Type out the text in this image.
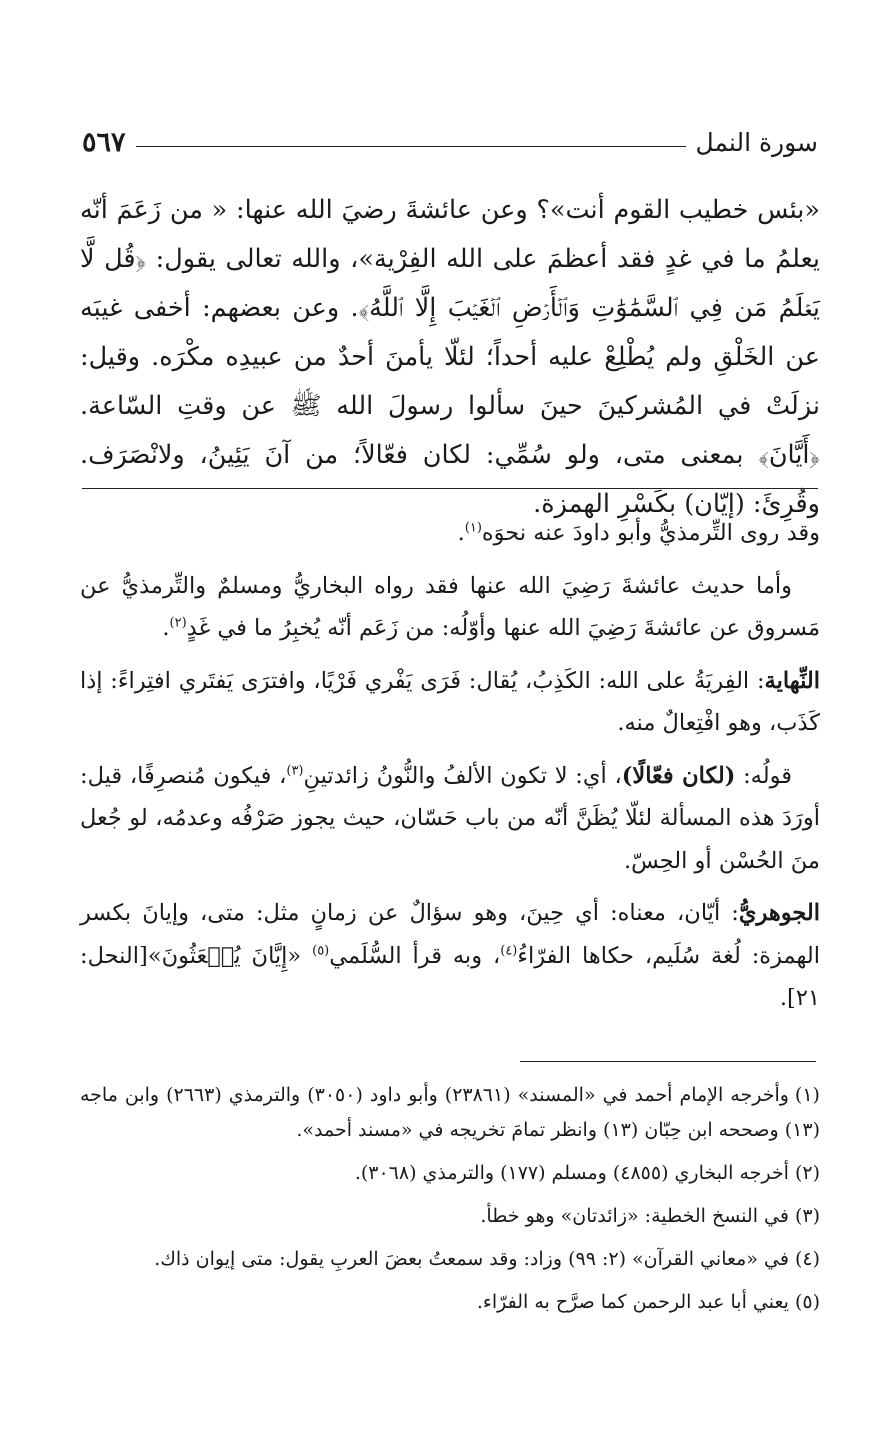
سورة النمل
٥٦٧
«بئس خطيب القوم أنت»؟ وعن عائشةَ رضيَ الله عنها: « من زَعَمَ أنّه يعلمُ ما في غدٍ فقد أعظمَ على الله الفِرْية»، والله تعالى يقول: ﴿قُل لَّا يَعۡلَمُ مَن فِي ٱلسَّمَٰوَٰتِ وَٱلۡأَرۡضِ ٱلۡغَيۡبَ إِلَّا ٱللَّهُ﴾. وعن بعضهم: أخفى غيبَه عن الخَلْقِ ولم يُطْلِعْ عليه أحداً؛ لئلّا يأمنَ أحدٌ من عبيدِه مكْرَه. وقيل: نزلَتْ في المُشركينَ حينَ سألوا رسولَ الله ﷺ عن وقتِ السّاعة. ﴿أَيَّانَ﴾ بمعنى متى، ولو سُمِّي: لكان فعّالاً؛ من آنَ يَئِينُ، ولانْصَرَف. وقُرِئَ: (إيّان) بكَسْرِ الهمزة.

وقد روى التِّرمذيُّ وأبو داودَ عنه نحوَه$^{(١)}$.

وأما حديث عائشةَ رَضِيَ الله عنها فقد رواه البخاريُّ ومسلمٌ والتِّرمذيُّ عن مَسروق عن عائشةَ رَضِيَ الله عنها وأوّلُه: من زَعَم أنّه يُخبِرُ ما في غَدٍ$^{(٢)}$.

النِّهاية: الفِريَةُ على الله: الكَذِبُ، يُقال: فَرَى يَفْري فَرْيًا، وافترَى يَفتَري افتِراءً: إذا كَذَب، وهو افْتِعالٌ منه.

قولُه: (لكان فعّالًا)، أي: لا تكون الألفُ والنُّونُ زائدتينِ$^{(٣)}$، فيكون مُنصرِفًا، قيل: أورَدَ هذه المسألة لئلّا يُظَنَّ أنّه من باب حَسّان، حيث يجوز صَرْفُه وعدمُه، لو جُعل منَ الحُسْن أو الحِسّ.

الجوهريُّ: أيّان، معناه: أي حِينَ، وهو سؤالٌ عن زمانٍ مثل: متى، وإيانَ بكسر الهمزة: لُغة سُلَيم، حكاها الفرّاءُ$^{(٤)}$، وبه قرأ السُّلَمي$^{(٥)}$ «إِيَّانَ يُبۡعَثُونَ»[النحل: ٢١].

(١)وأخرجه الإمام أحمد في «المسند» (٢٣٨٦١) وأبو داود (٣٠٥٠) والترمذي (٢٦٦٣) وابن ماجه (١٣) وصححه ابن حِبّان (١٣) وانظر تمامَ تخريجه في «مسند أحمد».
(٢)أخرجه البخاري (٤٨٥٥) ومسلم (١٧٧) والترمذي (٣٠٦٨).
(٣)في النسخ الخطية: «زائدتان» وهو خطأ.
(٤)في «معاني القرآن» (٢: ٩٩) وزاد: وقد سمعتُ بعضَ العربِ يقول: متى إيوان ذاك.
(٥)يعني أبا عبد الرحمن كما صرَّح به الفرّاء.
